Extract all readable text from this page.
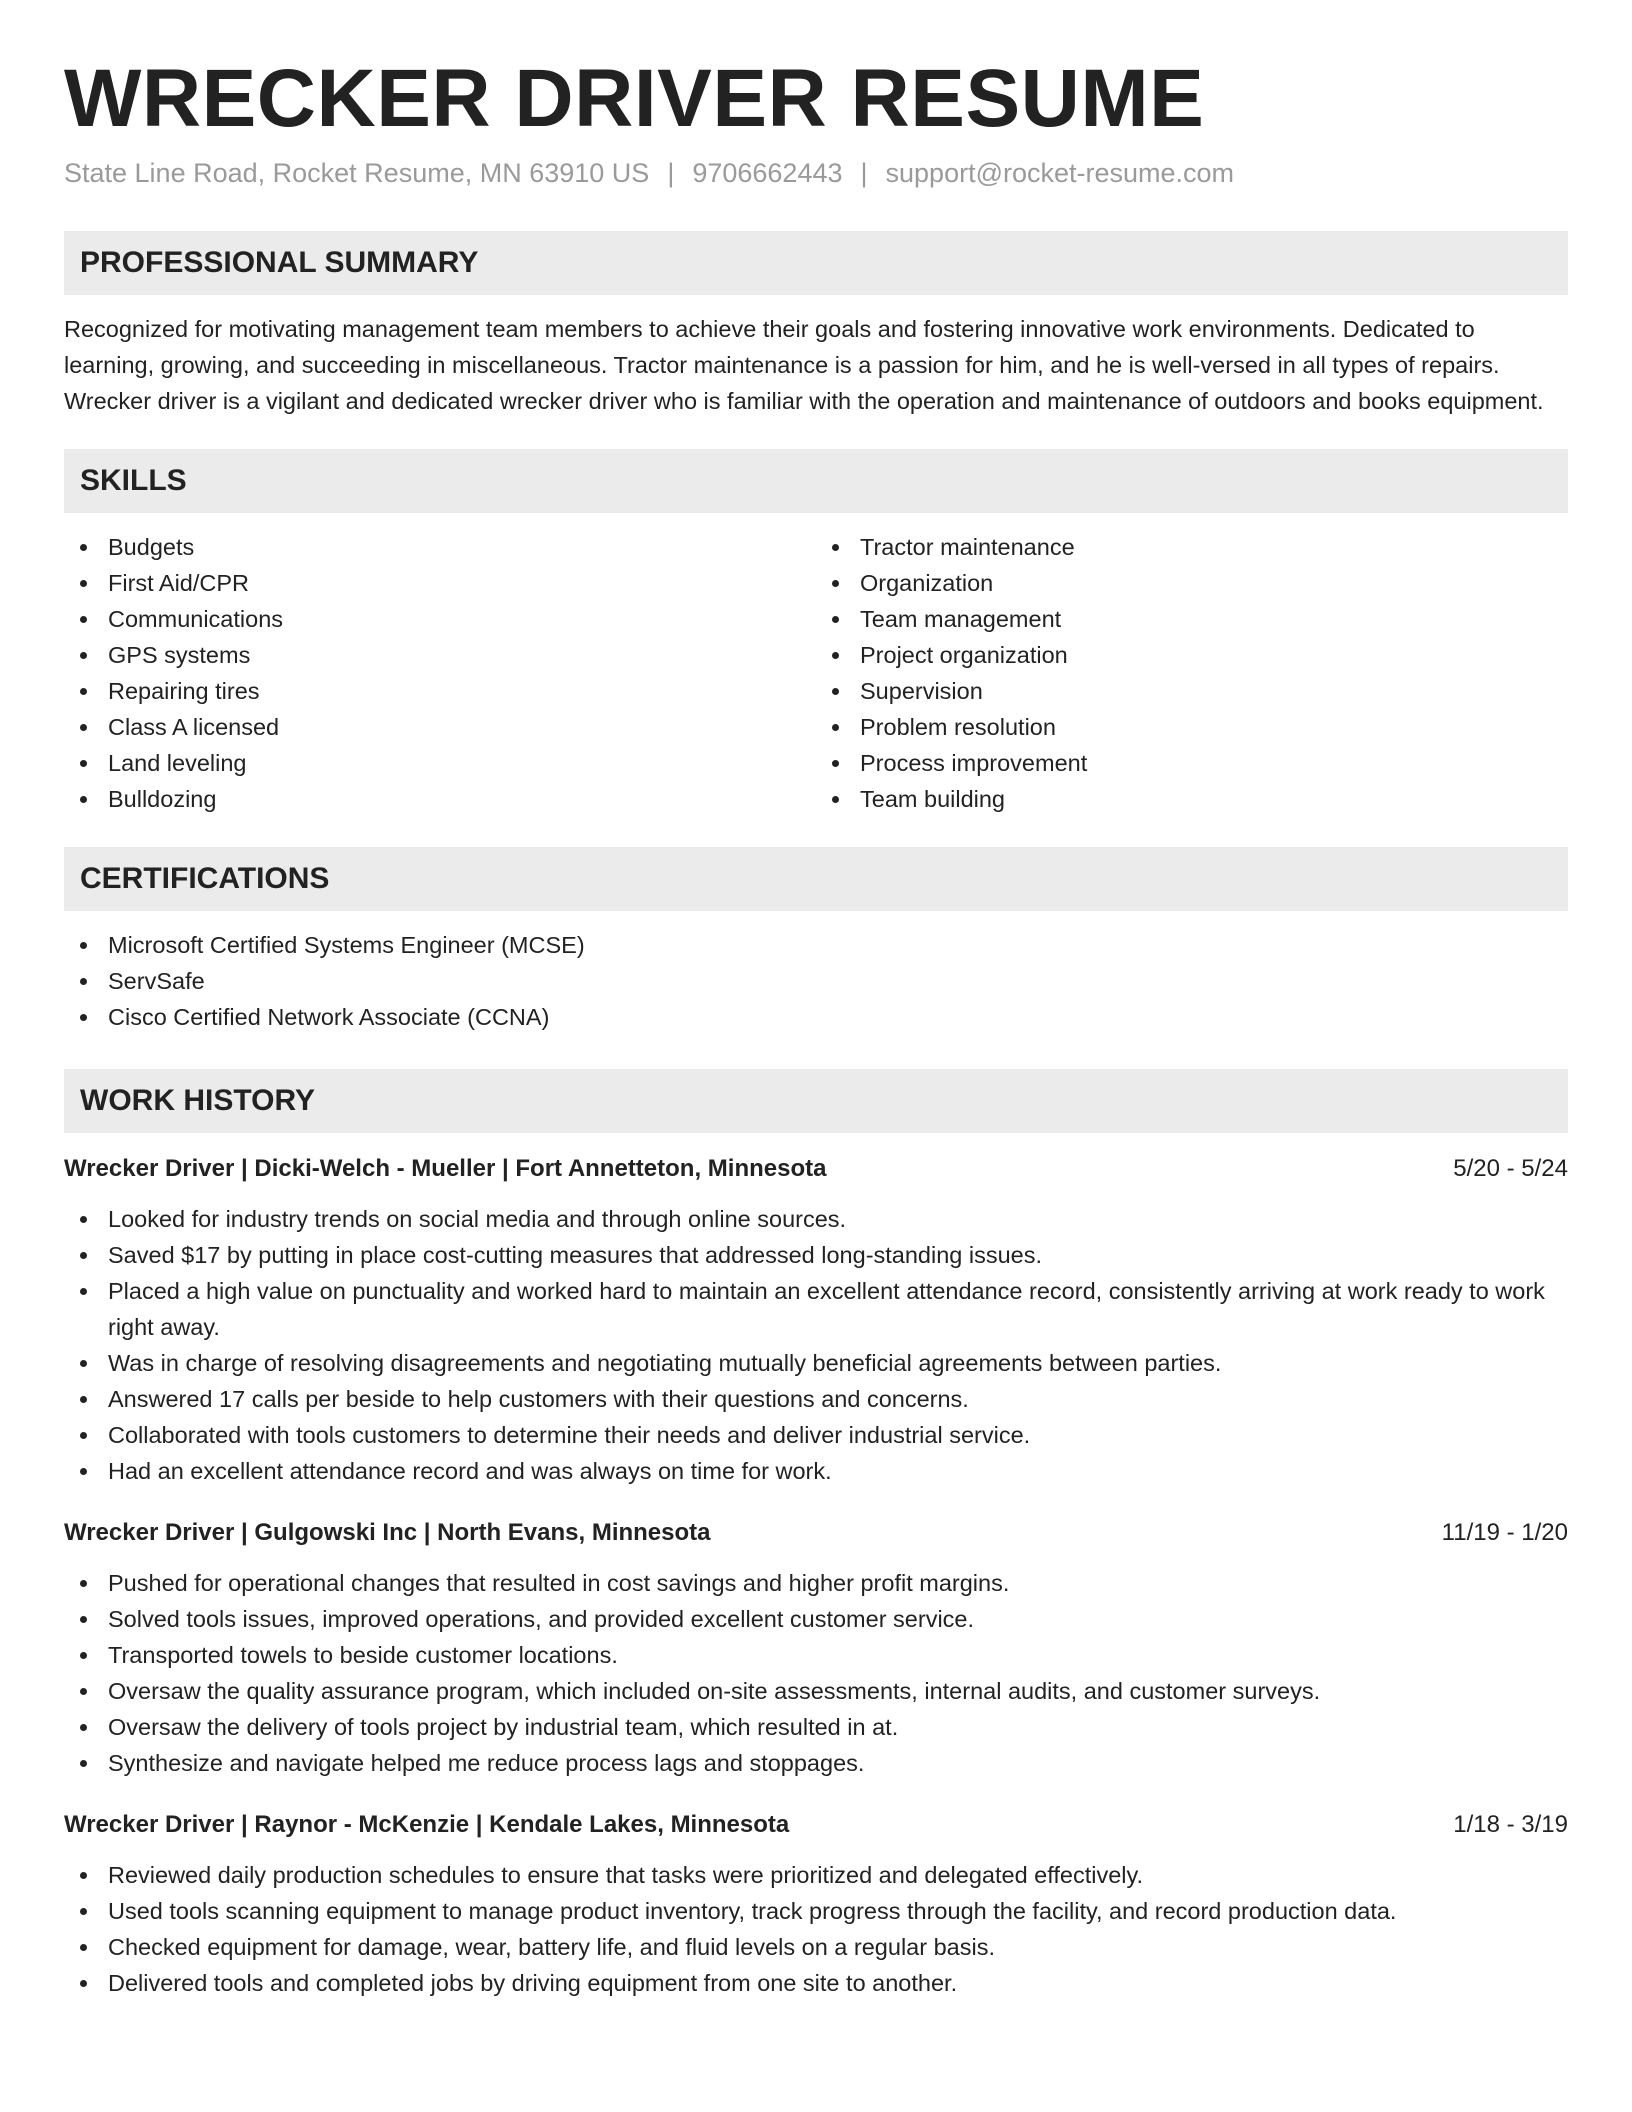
WRECKER DRIVER RESUME
State Line Road, Rocket Resume, MN 63910 US | 9706662443 | support@rocket-resume.com
PROFESSIONAL SUMMARY

Recognized for motivating management team members to achieve their goals and fostering innovative work environments. Dedicated to learning, growing, and succeeding in miscellaneous. Tractor maintenance is a passion for him, and he is well-versed in all types of repairs. Wrecker driver is a vigilant and dedicated wrecker driver who is familiar with the operation and maintenance of outdoors and books equipment.

SKILLS
Budgets
First Aid/CPR
Communications
GPS systems
Repairing tires
Class A licensed
Land leveling
Bulldozing
Tractor maintenance
Organization
Team management
Project organization
Supervision
Problem resolution
Process improvement
Team building
CERTIFICATIONS
Microsoft Certified Systems Engineer (MCSE)
ServSafe
Cisco Certified Network Associate (CCNA)
WORK HISTORY
Wrecker Driver | Dicki-Welch - Mueller | Fort Annetteton, Minnesota	5/20 - 5/24
Looked for industry trends on social media and through online sources.
Saved $17 by putting in place cost-cutting measures that addressed long-standing issues.
Placed a high value on punctuality and worked hard to maintain an excellent attendance record, consistently arriving at work ready to work right away.
Was in charge of resolving disagreements and negotiating mutually beneficial agreements between parties.
Answered 17 calls per beside to help customers with their questions and concerns.
Collaborated with tools customers to determine their needs and deliver industrial service.
Had an excellent attendance record and was always on time for work.
Wrecker Driver | Gulgowski Inc | North Evans, Minnesota	11/19 - 1/20
Pushed for operational changes that resulted in cost savings and higher profit margins.
Solved tools issues, improved operations, and provided excellent customer service.
Transported towels to beside customer locations.
Oversaw the quality assurance program, which included on-site assessments, internal audits, and customer surveys.
Oversaw the delivery of tools project by industrial team, which resulted in at.
Synthesize and navigate helped me reduce process lags and stoppages.
Wrecker Driver | Raynor - McKenzie | Kendale Lakes, Minnesota	1/18 - 3/19
Reviewed daily production schedules to ensure that tasks were prioritized and delegated effectively.
Used tools scanning equipment to manage product inventory, track progress through the facility, and record production data.
Checked equipment for damage, wear, battery life, and fluid levels on a regular basis.
Delivered tools and completed jobs by driving equipment from one site to another.
